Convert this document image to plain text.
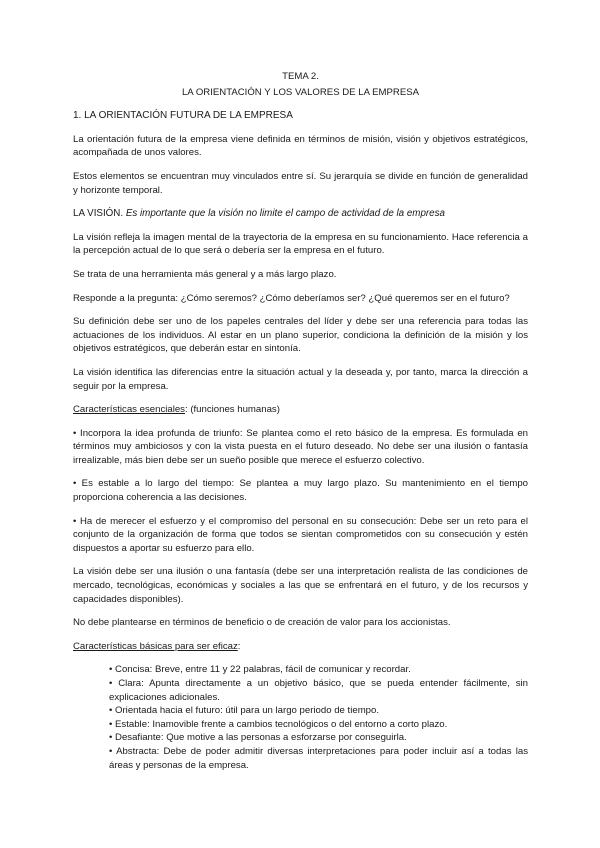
TEMA 2.
LA ORIENTACIÓN Y LOS VALORES DE LA EMPRESA
1. LA ORIENTACIÓN FUTURA DE LA EMPRESA

La orientación futura de la empresa viene definida en términos de misión, visión y objetivos estratégicos, acompañada de unos valores.

Estos elementos se encuentran muy vinculados entre sí. Su jerarquía se divide en función de generalidad y horizonte temporal.

LA VISIÓN. Es importante que la visión no limite el campo de actividad de la empresa

La visión refleja la imagen mental de la trayectoria de la empresa en su funcionamiento. Hace referencia a la percepción actual de lo que será o debería ser la empresa en el futuro.

Se trata de una herramienta más general y a más largo plazo.

Responde a la pregunta: ¿Cómo seremos? ¿Cómo deberíamos ser? ¿Qué queremos ser en el futuro?

Su definición debe ser uno de los papeles centrales del líder y debe ser una referencia para todas las actuaciones de los individuos. Al estar en un plano superior, condiciona la definición de la misión y los objetivos estratégicos, que deberán estar en sintonía.

La visión identifica las diferencias entre la situación actual y la deseada y, por tanto, marca la dirección a seguir por la empresa.

Características esenciales: (funciones humanas)

• Incorpora la idea profunda de triunfo: Se plantea como el reto básico de la empresa. Es formulada en términos muy ambiciosos y con la vista puesta en el futuro deseado. No debe ser una ilusión o fantasía irrealizable, más bien debe ser un sueño posible que merece el esfuerzo colectivo.

• Es estable a lo largo del tiempo: Se plantea a muy largo plazo. Su mantenimiento en el tiempo proporciona coherencia a las decisiones.

• Ha de merecer el esfuerzo y el compromiso del personal en su consecución: Debe ser un reto para el conjunto de la organización de forma que todos se sientan comprometidos con su consecución y estén dispuestos a aportar su esfuerzo para ello.

La visión debe ser una ilusión o una fantasía (debe ser una interpretación realista de las condiciones de mercado, tecnológicas, económicas y sociales a las que se enfrentará en el futuro, y de los recursos y capacidades disponibles).

No debe plantearse en términos de beneficio o de creación de valor para los accionistas.

Características básicas para ser eficaz:

• Concisa: Breve, entre 11 y 22 palabras, fácil de comunicar y recordar.
• Clara: Apunta directamente a un objetivo básico, que se pueda entender fácilmente, sin explicaciones adicionales.
• Orientada hacia el futuro: útil para un largo periodo de tiempo.
• Estable: Inamovible frente a cambios tecnológicos o del entorno a corto plazo.
• Desafiante: Que motive a las personas a esforzarse por conseguirla.
• Abstracta: Debe de poder admitir diversas interpretaciones para poder incluir así a todas las áreas y personas de la empresa.
